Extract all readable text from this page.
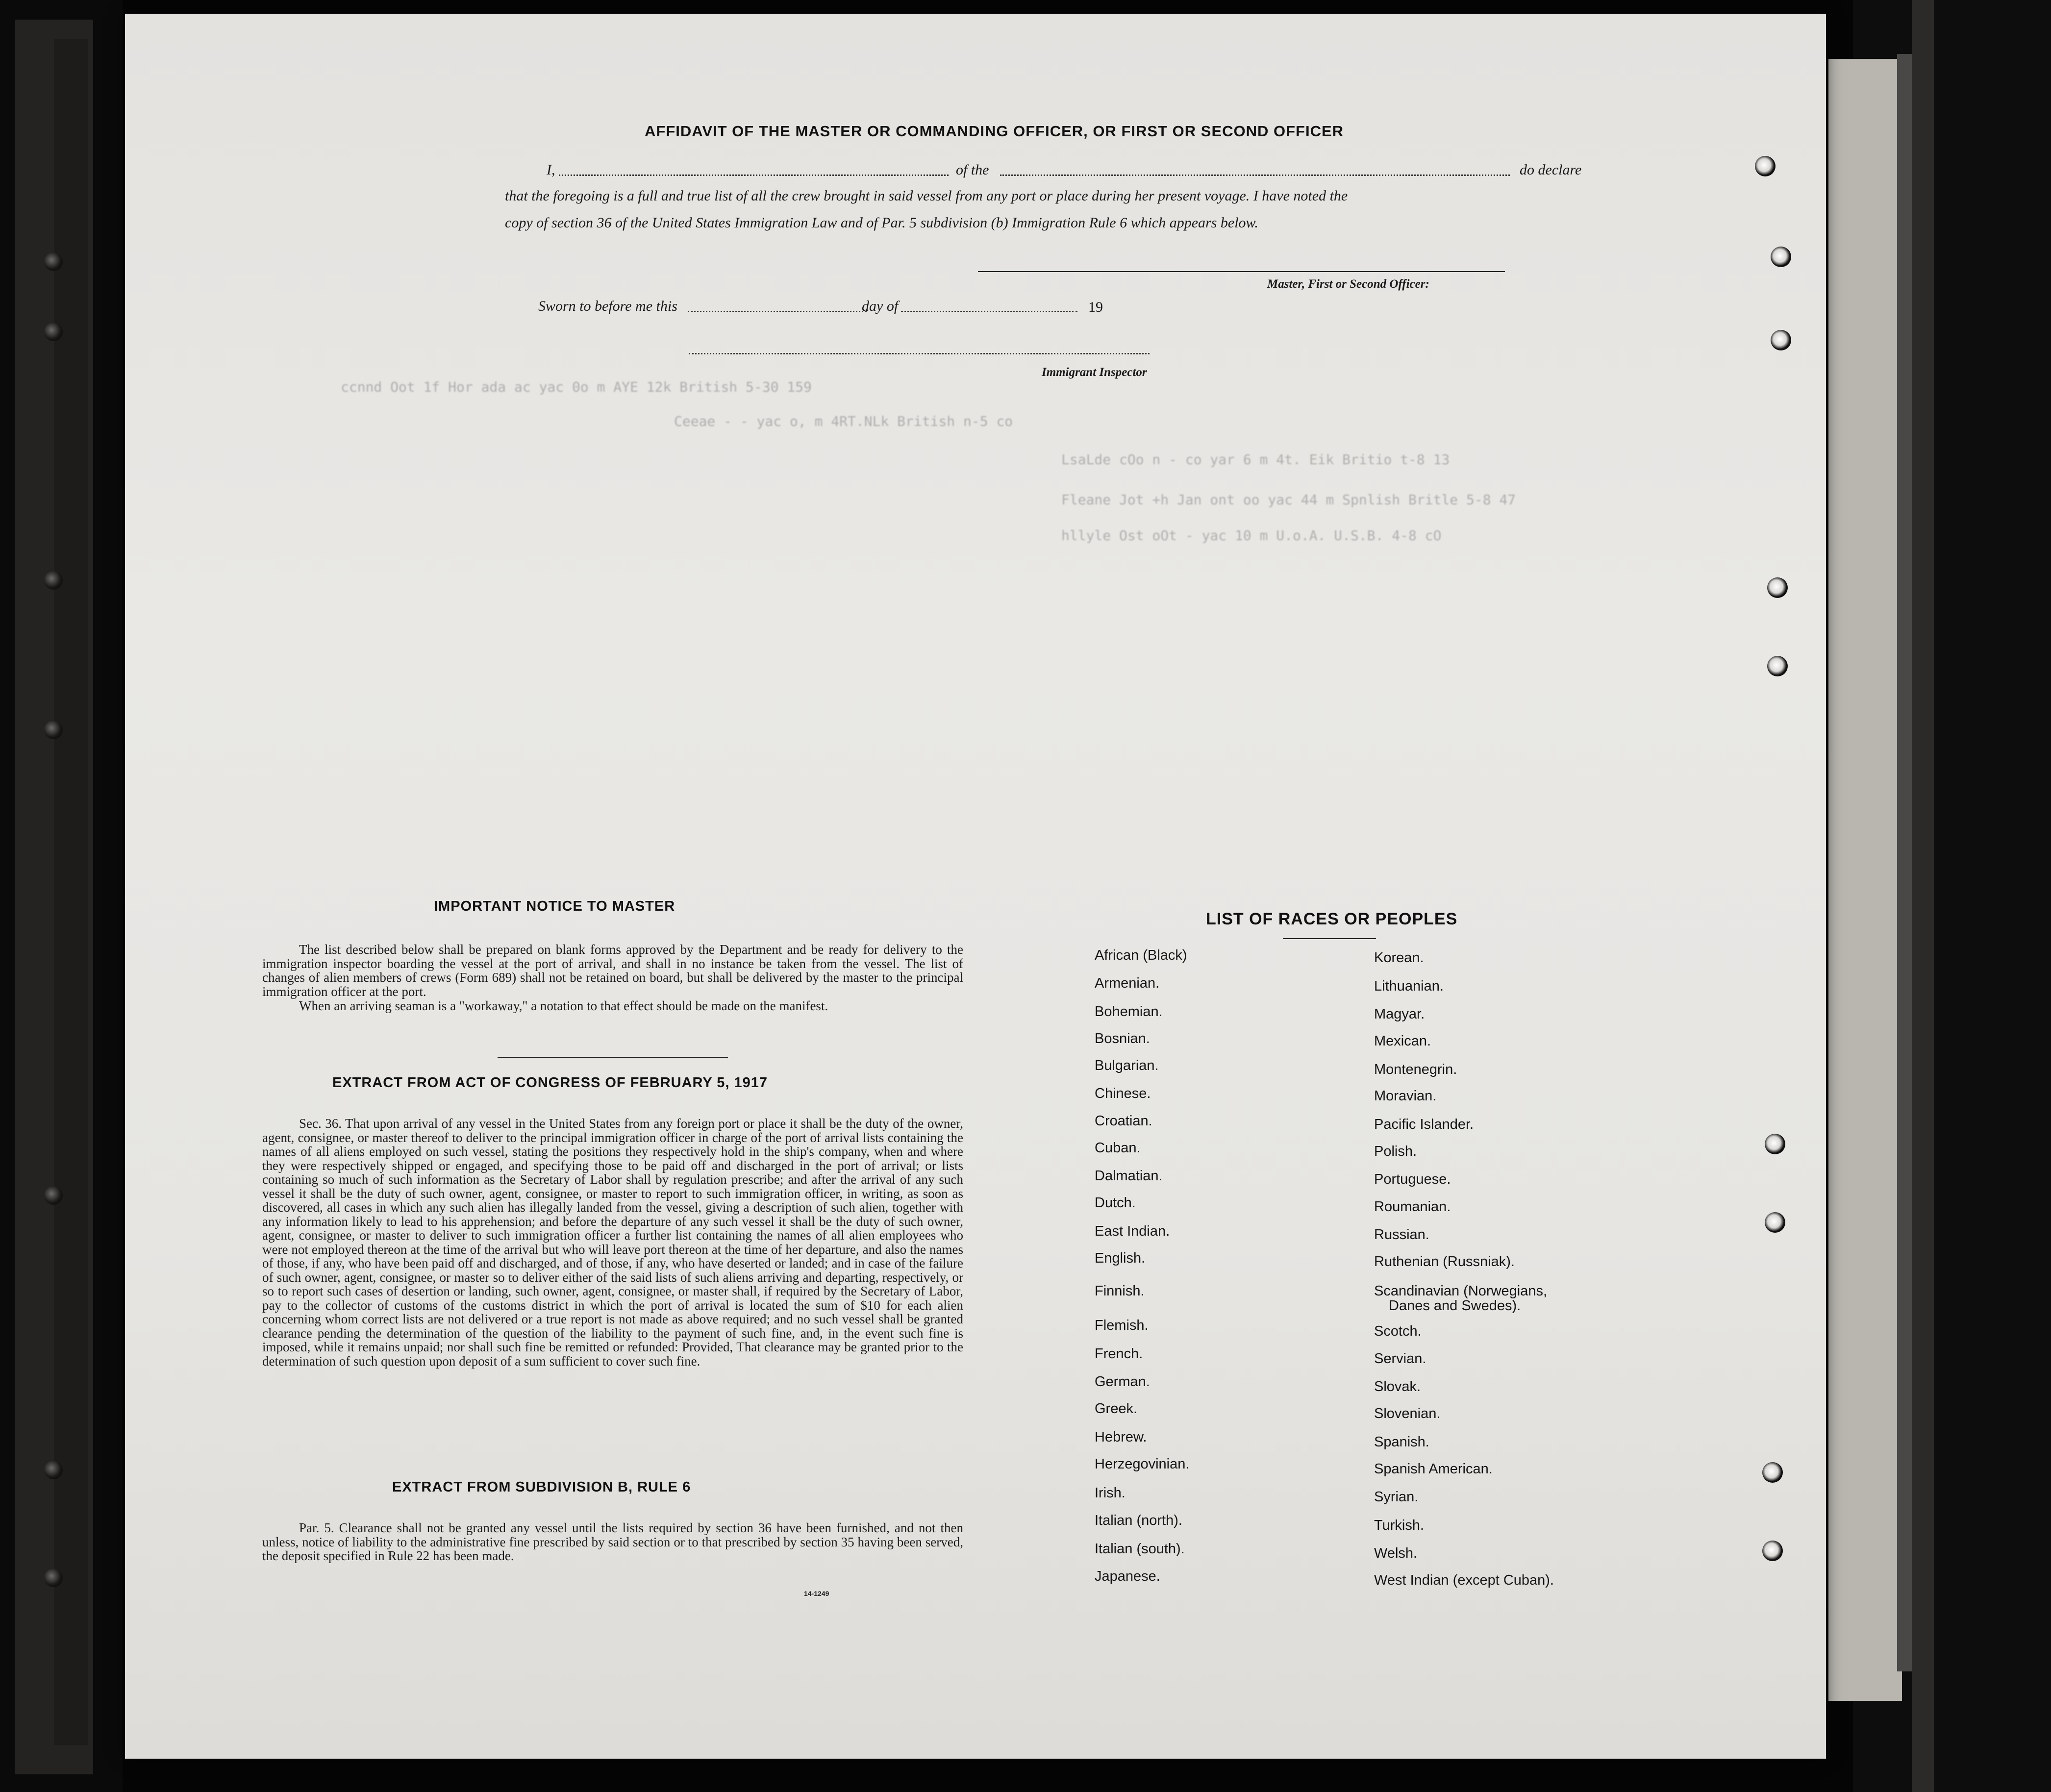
AFFIDAVIT OF THE MASTER OR COMMANDING OFFICER, OR FIRST OR SECOND OFFICER
I,	of the	do declare
that the foregoing is a full and true list of all the crew brought in said vessel from any port or place during her present voyage. I have noted the
copy of section 36 of the United States Immigration Law and of Par. 5 subdivision (b) Immigration Rule 6 which appears below.
Master, First or Second Officer:
Sworn to before me this	day of	19
Immigrant Inspector
ccnnd Oot 1f Hor ada ac yac 0o m AYE 12k British 5-30 159
Ceeae - - yac o, m 4RT.NLk British n-5 co
LsaLde cOo n - co yar 6 m 4t. Eik Britio t-8 13
Fleane Jot +h Jan ont oo yac 44 m Spnlish Britle 5-8 47
hllyle Ost oOt - yac 10 m U.o.A. U.S.B. 4-8 cO
IMPORTANT NOTICE TO MASTER
The list described below shall be prepared on blank forms approved by the Department and be ready for delivery to the immigration inspector boarding the vessel at the port of arrival, and shall in no instance be taken from the vessel. The list of changes of alien members of crews (Form 689) shall not be retained on board, but shall be delivered by the master to the principal immigration officer at the port.
When an arriving seaman is a "workaway," a notation to that effect should be made on the manifest.
EXTRACT FROM ACT OF CONGRESS OF FEBRUARY 5, 1917
Sec. 36. That upon arrival of any vessel in the United States from any foreign port or place it shall be the duty of the owner, agent, consignee, or master thereof to deliver to the principal immigration officer in charge of the port of arrival lists containing the names of all aliens employed on such vessel, stating the positions they respectively hold in the ship's company, when and where they were respectively shipped or engaged, and specifying those to be paid off and discharged in the port of arrival; or lists containing so much of such information as the Secretary of Labor shall by regulation prescribe; and after the arrival of any such vessel it shall be the duty of such owner, agent, consignee, or master to report to such immigration officer, in writing, as soon as discovered, all cases in which any such alien has illegally landed from the vessel, giving a description of such alien, together with any information likely to lead to his apprehension; and before the departure of any such vessel it shall be the duty of such owner, agent, consignee, or master to deliver to such immigration officer a further list containing the names of all alien employees who were not employed thereon at the time of the arrival but who will leave port thereon at the time of her departure, and also the names of those, if any, who have been paid off and discharged, and of those, if any, who have deserted or landed; and in case of the failure of such owner, agent, consignee, or master so to deliver either of the said lists of such aliens arriving and departing, respectively, or so to report such cases of desertion or landing, such owner, agent, consignee, or master shall, if required by the Secretary of Labor, pay to the collector of customs of the customs district in which the port of arrival is located the sum of $10 for each alien concerning whom correct lists are not delivered or a true report is not made as above required; and no such vessel shall be granted clearance pending the determination of the question of the liability to the payment of such fine, and, in the event such fine is imposed, while it remains unpaid; nor shall such fine be remitted or refunded: Provided, That clearance may be granted prior to the determination of such question upon deposit of a sum sufficient to cover such fine.
EXTRACT FROM SUBDIVISION B, RULE 6
Par. 5. Clearance shall not be granted any vessel until the lists required by section 36 have been furnished, and not then unless, notice of liability to the administrative fine prescribed by said section or to that prescribed by section 35 having been served, the deposit specified in Rule 22 has been made.
14-1249
LIST OF RACES OR PEOPLES
African (Black)
Armenian.
Bohemian.
Bosnian.
Bulgarian.
Chinese.
Croatian.
Cuban.
Dalmatian.
Dutch.
East Indian.
English.
Finnish.
Flemish.
French.
German.
Greek.
Hebrew.
Herzegovinian.
Irish.
Italian (north).
Italian (south).
Japanese.
Korean.
Lithuanian.
Magyar.
Mexican.
Montenegrin.
Moravian.
Pacific Islander.
Polish.
Portuguese.
Roumanian.
Russian.
Ruthenian (Russniak).
Scandinavian (Norwegians,
Danes and Swedes).
Scotch.
Servian.
Slovak.
Slovenian.
Spanish.
Spanish American.
Syrian.
Turkish.
Welsh.
West Indian (except Cuban).
